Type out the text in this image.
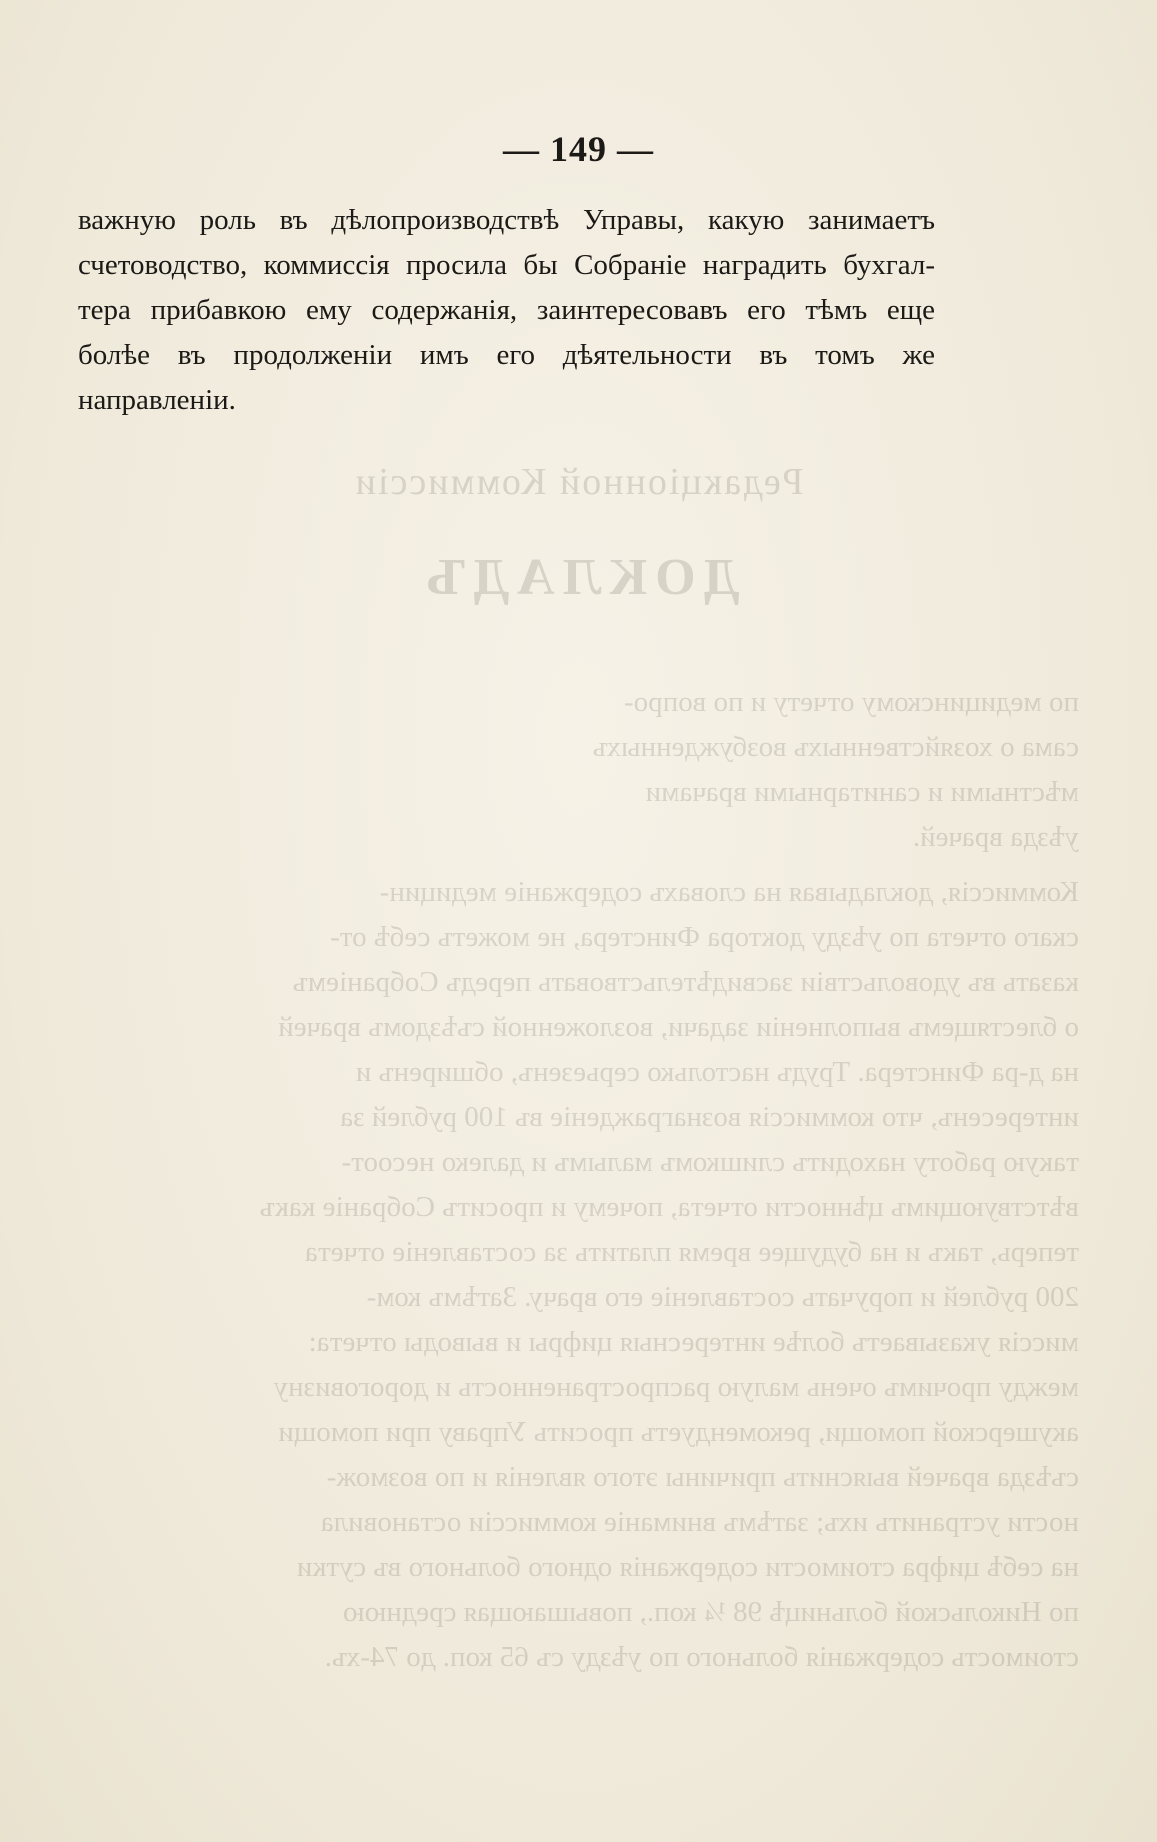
Редакціонной Коммиссіи
ДОКЛАДЪ
по медицинскому отчету и по вопро-
сама о хозяйственныхъ возбужденныхъ
мѣстными и санитарными врачами
уѣзда врачей.
Коммиссія, докладывая на словахъ содержаніе медицин-
скаго отчета по уѣзду доктора Финстера, не можетъ себѣ от-
казать въ удовольствіи засвидѣтельствовать передъ Собраніемъ
о блестящемъ выполненіи задачи, возложенной съѣздомъ врачей
на д-ра Финстера. Трудъ настолько серьезенъ, обширенъ и
интересенъ, что коммиссія вознагражденіе въ 100 рублей за
такую работу находитъ слишкомъ малымъ и далеко несоот-
вѣтствующимъ цѣнности отчета, почему и проситъ Собраніе какъ
теперь, такъ и на будущее время платить за составленіе отчета
200 рублей и поручать составленіе его врачу. Затѣмъ ком-
миссія указываетъ болѣе интересныя цифры и выводы отчета:
между прочимъ очень малую распространенность и дороговизну
акушерской помощи, рекомендуетъ просить Управу при помощи
съѣзда врачей выяснить причины этого явленія и по возмож-
ности устранить ихъ; затѣмъ вниманіе коммиссіи остановила
на себѣ цифра стоимости содержанія одного больного въ сутки
по Никольской больницѣ 98 ¼ коп., повышающая среднюю
стоимость содержанія больного по уѣзду съ 65 коп. до 74-хъ.
— 149 —
важную роль въ дѣлопроизводствѣ Управы, какую занимаетъ
счетоводство, коммиссія просила бы Собраніе наградить бухгал-
тера прибавкою ему содержанія, заинтересовавъ его тѣмъ еще
болѣе въ продолженіи имъ его дѣятельности въ томъ же
направленіи.
